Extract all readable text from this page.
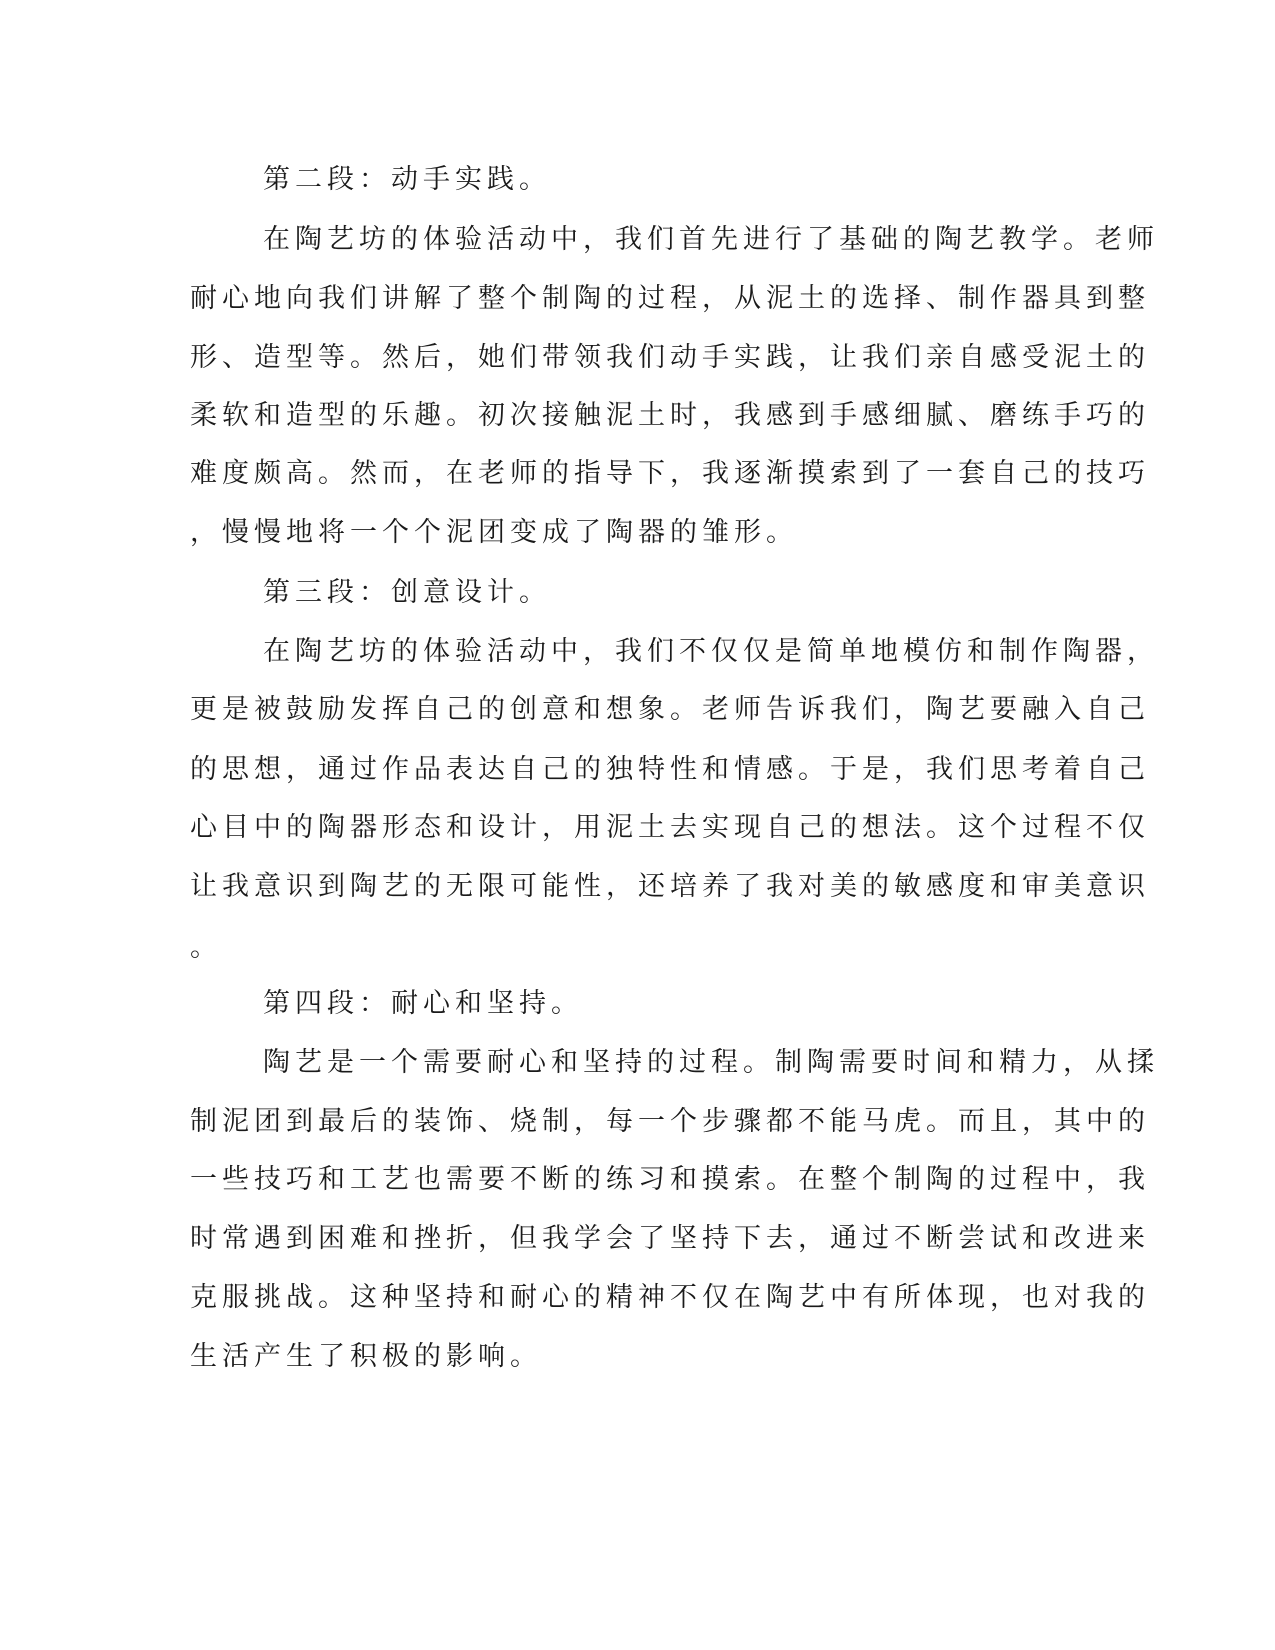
第二段：动手实践。
在陶艺坊的体验活动中，我们首先进行了基础的陶艺教学。老师
耐心地向我们讲解了整个制陶的过程，从泥土的选择、制作器具到整
形、造型等。然后，她们带领我们动手实践，让我们亲自感受泥土的
柔软和造型的乐趣。初次接触泥土时，我感到手感细腻、磨练手巧的
难度颇高。然而，在老师的指导下，我逐渐摸索到了一套自己的技巧
，慢慢地将一个个泥团变成了陶器的雏形。
第三段：创意设计。
在陶艺坊的体验活动中，我们不仅仅是简单地模仿和制作陶器，
更是被鼓励发挥自己的创意和想象。老师告诉我们，陶艺要融入自己
的思想，通过作品表达自己的独特性和情感。于是，我们思考着自己
心目中的陶器形态和设计，用泥土去实现自己的想法。这个过程不仅
让我意识到陶艺的无限可能性，还培养了我对美的敏感度和审美意识
。
第四段：耐心和坚持。
陶艺是一个需要耐心和坚持的过程。制陶需要时间和精力，从揉
制泥团到最后的装饰、烧制，每一个步骤都不能马虎。而且，其中的
一些技巧和工艺也需要不断的练习和摸索。在整个制陶的过程中，我
时常遇到困难和挫折，但我学会了坚持下去，通过不断尝试和改进来
克服挑战。这种坚持和耐心的精神不仅在陶艺中有所体现，也对我的
生活产生了积极的影响。
